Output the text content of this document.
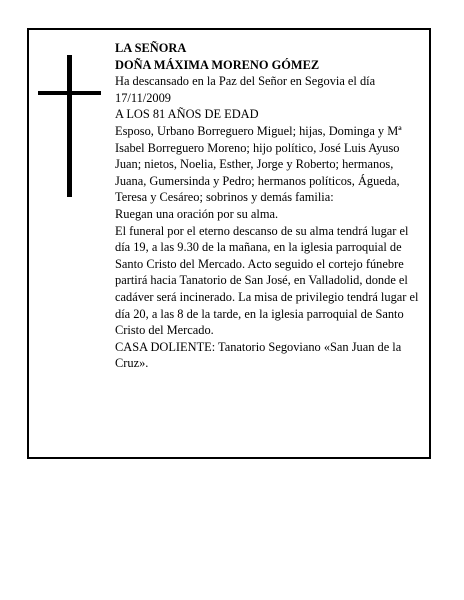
LA SEÑORA

DOÑA MÁXIMA MORENO GÓMEZ

Ha descansado en la Paz del Señor en Segovia el día 17/11/2009

A LOS 81 AÑOS DE EDAD

Esposo, Urbano Borreguero Miguel; hijas, Dominga y Mª Isabel Borreguero Moreno; hijo político, José Luis Ayuso Juan; nietos, Noelia, Esther, Jorge y Roberto; hermanos, Juana, Gumersinda y Pedro; hermanos políticos, Águeda, Teresa y Cesáreo; sobrinos y demás familia:

Ruegan una oración por su alma.

El funeral por el eterno descanso de su alma tendrá lugar el día 19, a las 9.30 de la mañana, en la iglesia parroquial de Santo Cristo del Mercado. Acto seguido el cortejo fúnebre partirá hacia Tanatorio de San José, en Valladolid, donde el cadáver será incinerado. La misa de privilegio tendrá lugar el día 20, a las 8 de la tarde, en la iglesia parroquial de Santo Cristo del Mercado.

CASA DOLIENTE: Tanatorio Segoviano «San Juan de la Cruz».
